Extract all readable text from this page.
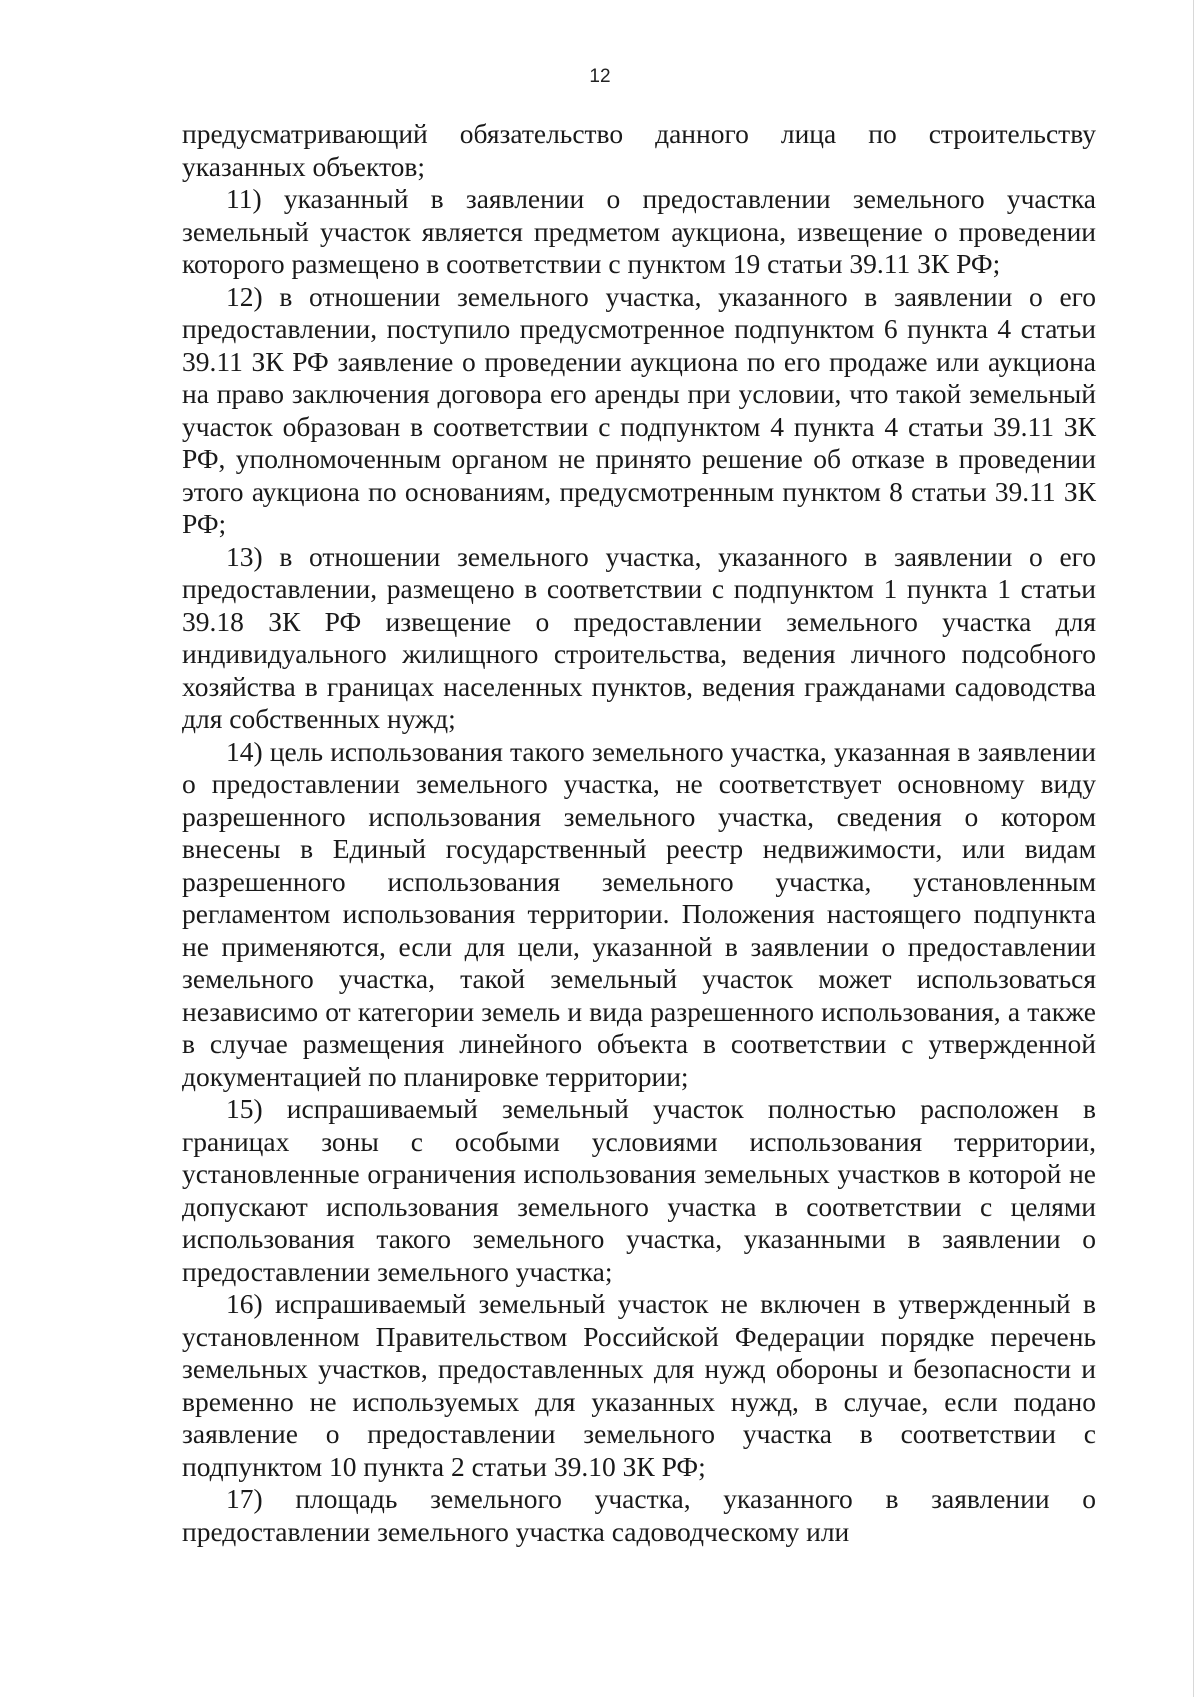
12

предусматривающий обязательство данного лица по строительству указанных объектов;

11) указанный в заявлении о предоставлении земельного участка земельный участок является предметом аукциона, извещение о проведении которого размещено в соответствии с пунктом 19 статьи 39.11 ЗК РФ;

12) в отношении земельного участка, указанного в заявлении о его предоставлении, поступило предусмотренное подпунктом 6 пункта 4 статьи 39.11 ЗК РФ заявление о проведении аукциона по его продаже или аукциона на право заключения договора его аренды при условии, что такой земельный участок образован в соответствии с подпунктом 4 пункта 4 статьи 39.11 ЗК РФ, уполномоченным органом не принято решение об отказе в проведении этого аукциона по основаниям, предусмотренным пунктом 8 статьи 39.11 ЗК РФ;

13) в отношении земельного участка, указанного в заявлении о его предоставлении, размещено в соответствии с подпунктом 1 пункта 1 статьи 39.18 ЗК РФ извещение о предоставлении земельного участка для индивидуального жилищного строительства, ведения личного подсобного хозяйства в границах населенных пунктов, ведения гражданами садоводства для собственных нужд;

14) цель использования такого земельного участка, указанная в заявлении о предоставлении земельного участка, не соответствует основному виду разрешенного использования земельного участка, сведения о котором внесены в Единый государственный реестр недвижимости, или видам разрешенного использования земельного участка, установленным регламентом использования территории. Положения настоящего подпункта не применяются, если для цели, указанной в заявлении о предоставлении земельного участка, такой земельный участок может использоваться независимо от категории земель и вида разрешенного использования, а также в случае размещения линейного объекта в соответствии с утвержденной документацией по планировке территории;

15) испрашиваемый земельный участок полностью расположен в границах зоны с особыми условиями использования территории, установленные ограничения использования земельных участков в которой не допускают использования земельного участка в соответствии с целями использования такого земельного участка, указанными в заявлении о предоставлении земельного участка;

16) испрашиваемый земельный участок не включен в утвержденный в установленном Правительством Российской Федерации порядке перечень земельных участков, предоставленных для нужд обороны и безопасности и временно не используемых для указанных нужд, в случае, если подано заявление о предоставлении земельного участка в соответствии с подпунктом 10 пункта 2 статьи 39.10 ЗК РФ;

17) площадь земельного участка, указанного в заявлении о предоставлении земельного участка садоводческому или
